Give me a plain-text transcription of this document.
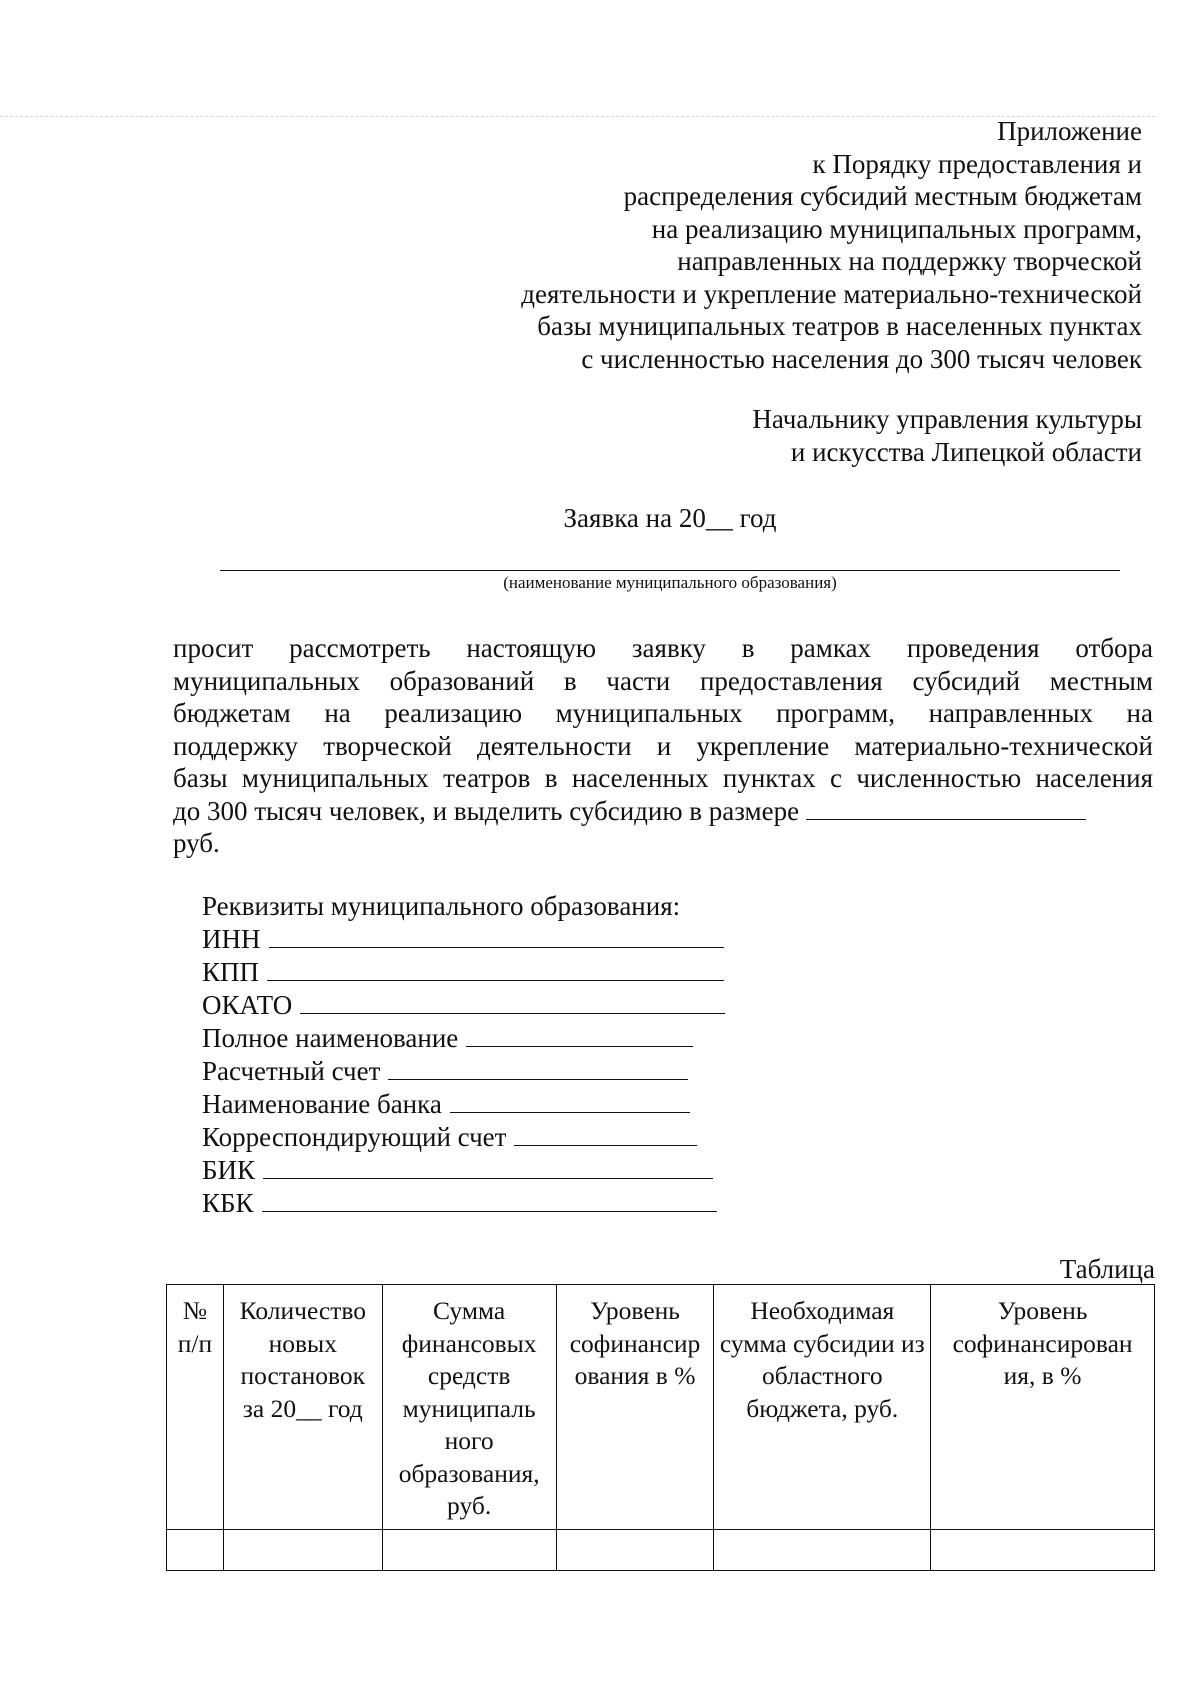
Приложение
к Порядку предоставления и
распределения субсидий местным бюджетам
на реализацию муниципальных программ,
направленных на поддержку творческой
деятельности и укрепление материально-технической
базы муниципальных театров в населенных пунктах
с численностью населения до 300 тысяч человек
Начальнику управления культуры
и искусства Липецкой области
Заявка на 20__ год
(наименование муниципального образования)
просит рассмотреть настоящую заявку в рамках проведения отбора
муниципальных образований в части предоставления субсидий местным
бюджетам на реализацию муниципальных программ, направленных на
поддержку творческой деятельности и укрепление материально-технической
базы муниципальных театров в населенных пунктах с численностью населения
до 300 тысяч человек, и выделить субсидию в размере
руб.
Реквизиты муниципального образования:
ИНН
КПП
ОКАТО
Полное наименование
Расчетный счет
Наименование банка
Корреспондирующий счет
БИК
КБК
Таблица
№ п/п	Количество новых постановок за 20__ год	Сумма финансовых средств муниципаль ного образования, руб.	Уровень софинансир ования в %	Необходимая сумма субсидии из областного бюджета, руб.	Уровень софинансирован ия, в %
